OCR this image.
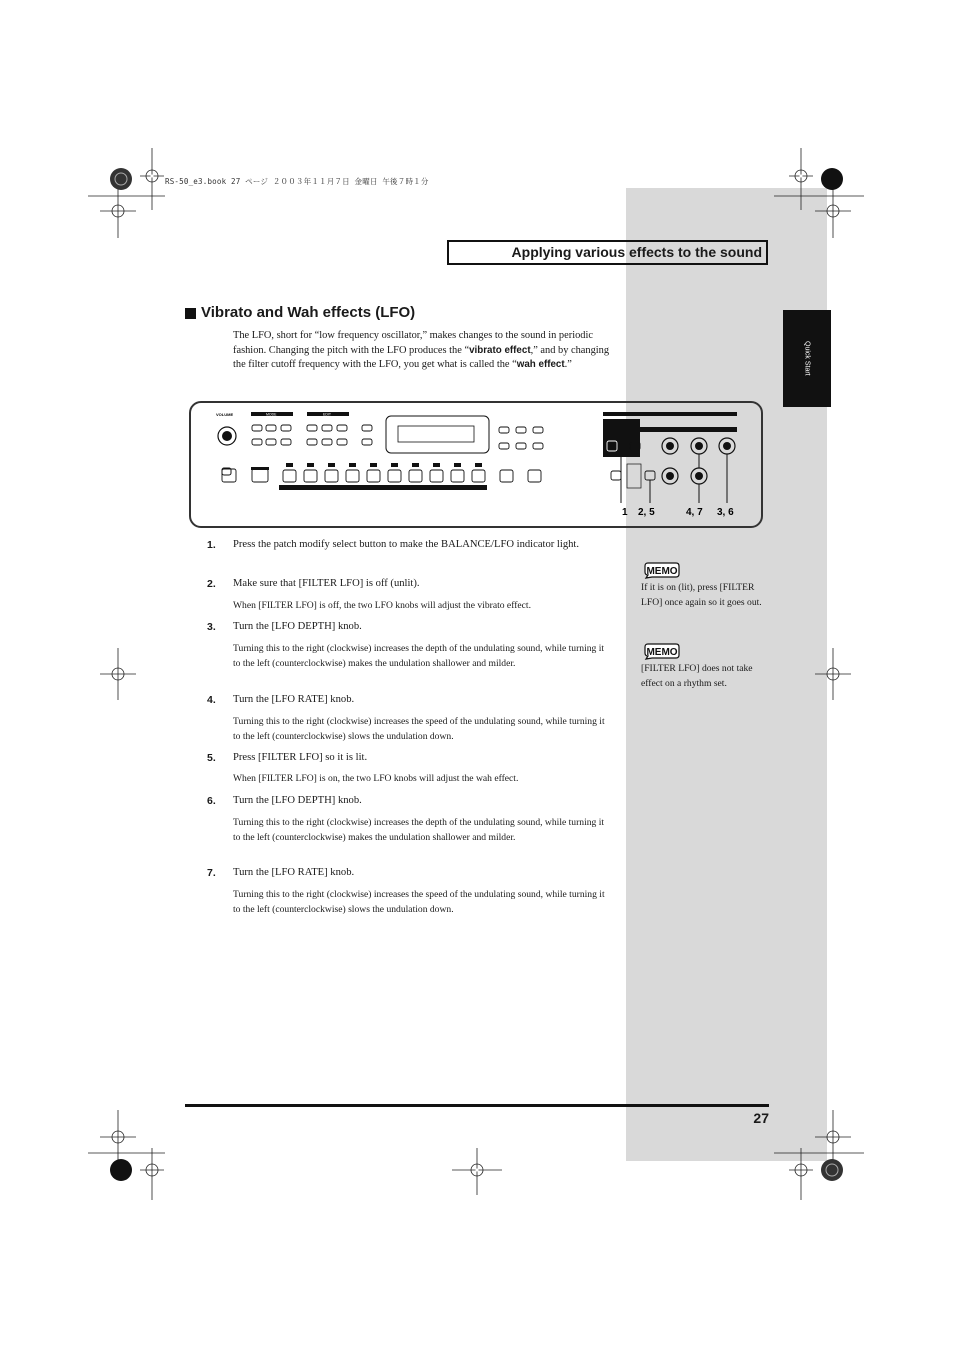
Quick Start
RS-50_e3.book 27 ページ ２００３年１１月７日 金曜日 午後７時１分
Applying various effects to the sound
Vibrato and Wah effects (LFO)
The LFO, short for “low frequency oscillator,” makes changes to the sound in periodic fashion. Changing the pitch with the LFO produces the “vibrato effect,” and by changing the filter cutoff frequency with the LFO, you get what is called the “wah effect.”
VOLUME	MODE	EDIT
1 2, 5	4, 7 3, 6
1. Press the patch modify select button to make the BALANCE/LFO indicator light.
2. Make sure that [FILTER LFO] is off (unlit).
When [FILTER LFO] is off, the two LFO knobs will adjust the vibrato effect.
3. Turn the [LFO DEPTH] knob.
Turning this to the right (clockwise) increases the depth of the undulating sound, while turning it to the left (counterclockwise) makes the undulation shallower and milder.
4. Turn the [LFO RATE] knob.
Turning this to the right (clockwise) increases the speed of the undulating sound, while turning it to the left (counterclockwise) slows the undulation down.
5. Press [FILTER LFO] so it is lit.
When [FILTER LFO] is on, the two LFO knobs will adjust the wah effect.
6. Turn the [LFO DEPTH] knob.
Turning this to the right (clockwise) increases the depth of the undulating sound, while turning it to the left (counterclockwise) makes the undulation shallower and milder.
7. Turn the [LFO RATE] knob.
Turning this to the right (clockwise) increases the speed of the undulating sound, while turning it to the left (counterclockwise) slows the undulation down.
MEMO
If it is on (lit), press [FILTER LFO] once again so it goes out.
MEMO
[FILTER LFO] does not take effect on a rhythm set.
27
